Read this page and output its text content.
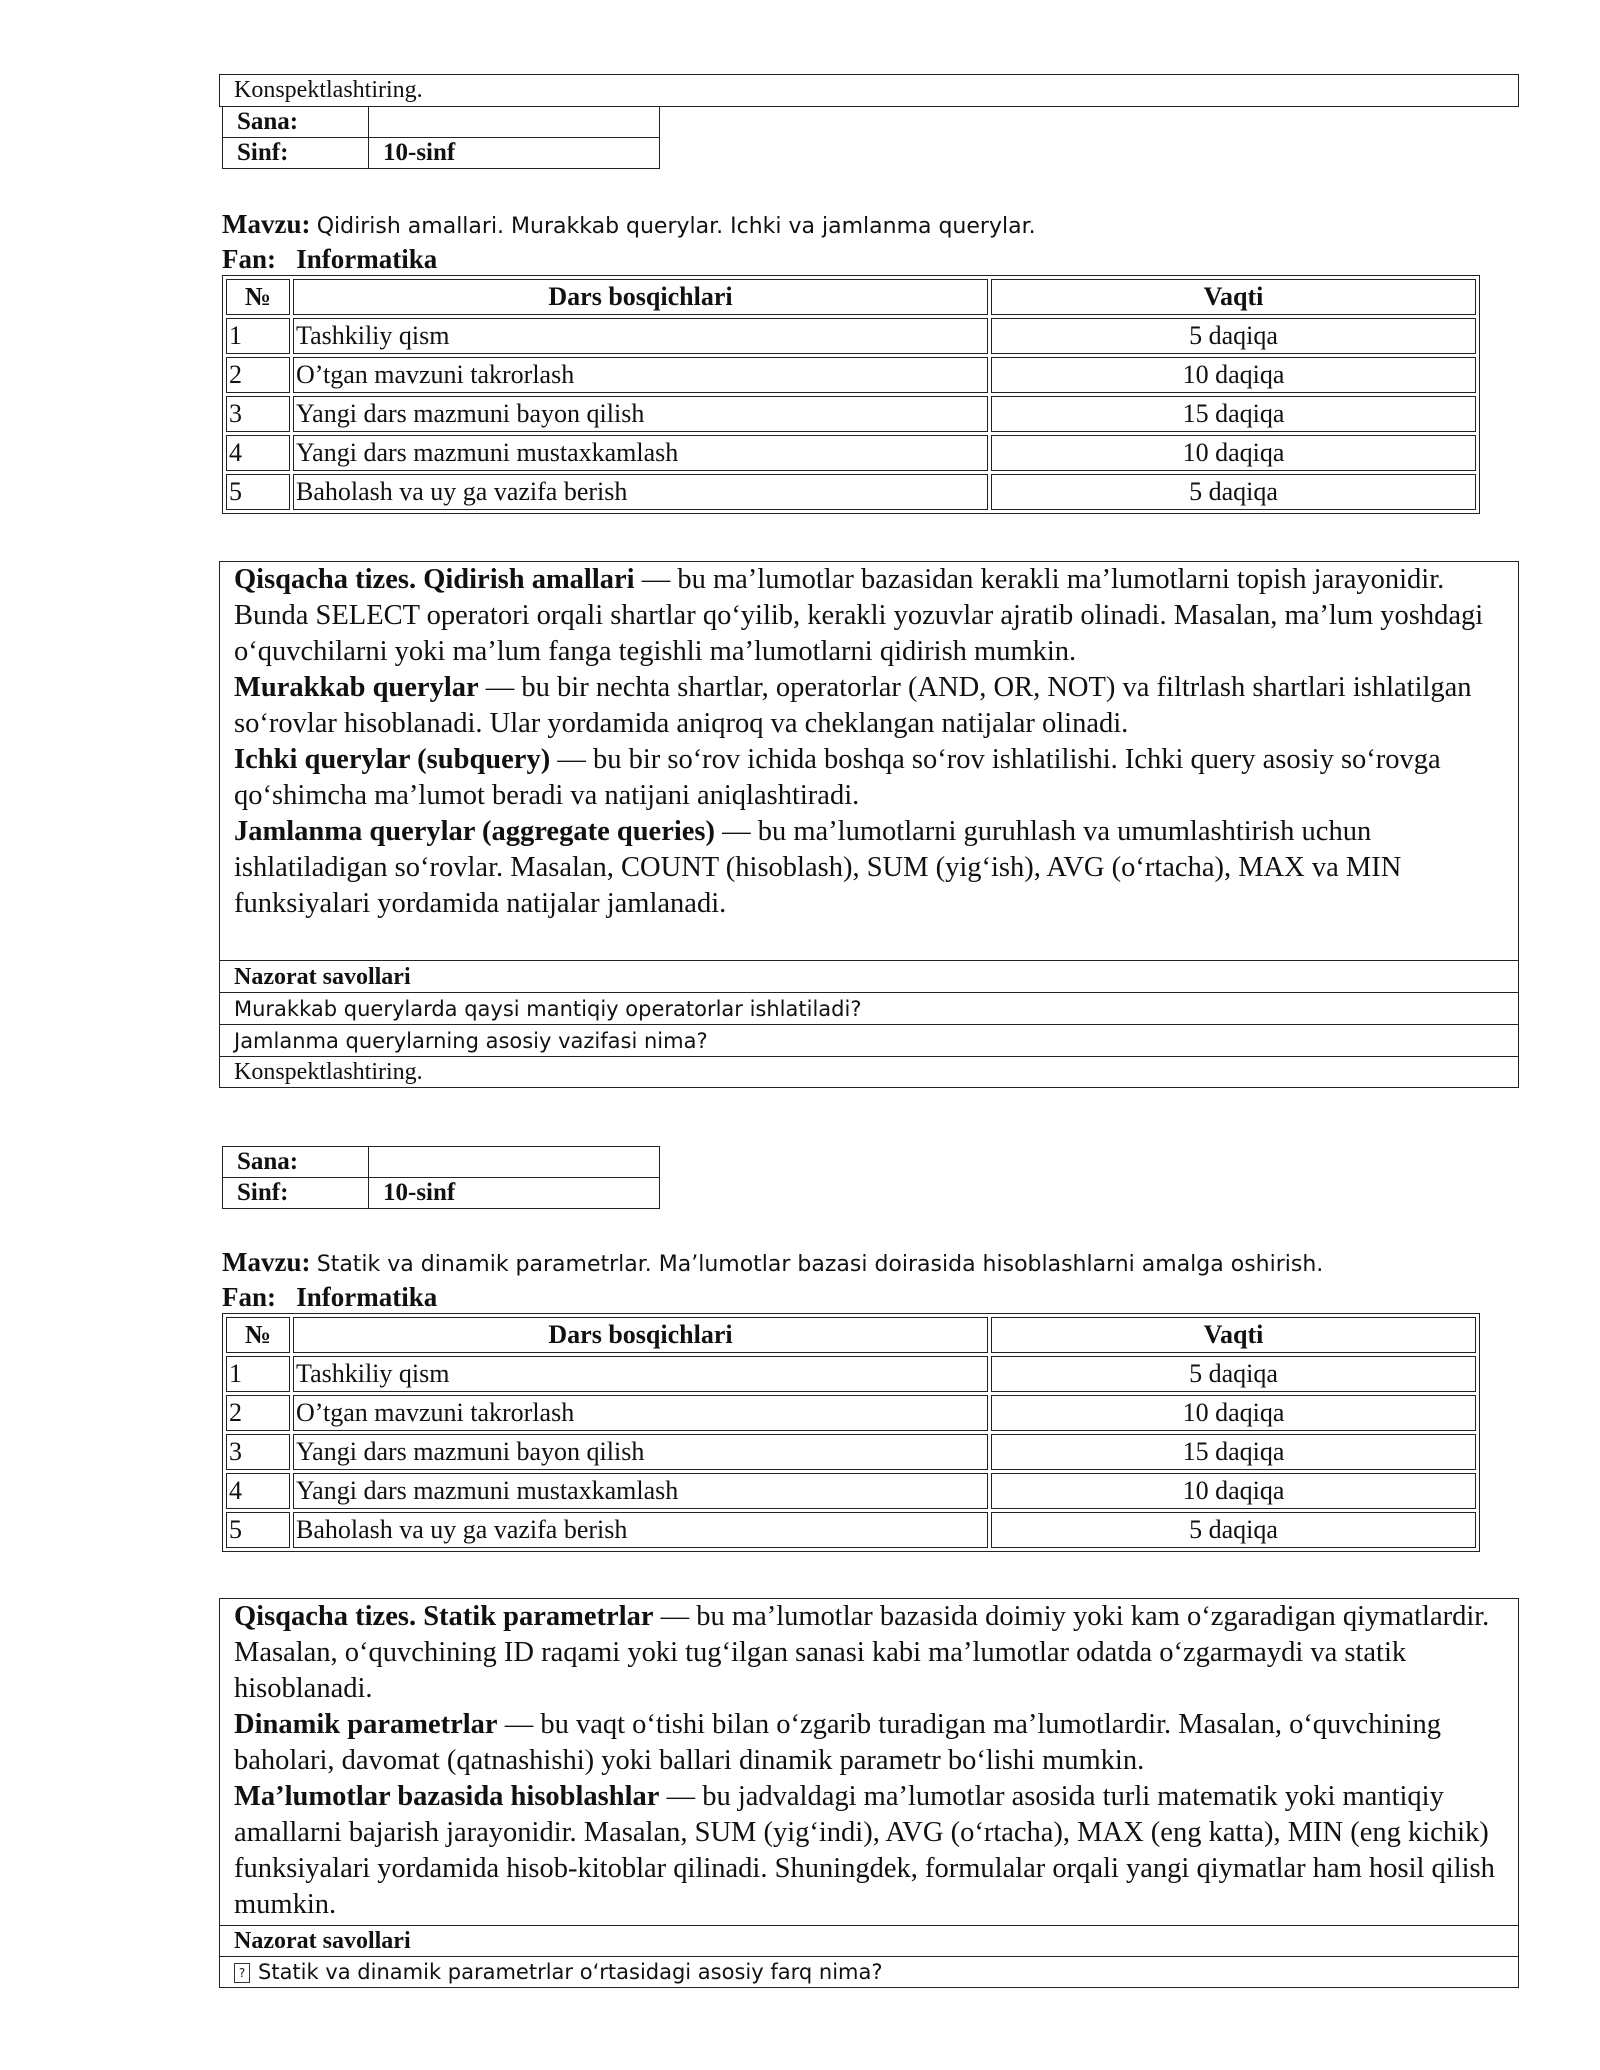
Konspektlashtiring.
Sana:	
Sinf:	10-sinf
Mavzu: Qidirish amallari. Murakkab querylar. Ichki va jamlanma querylar.
Fan: Informatika
№	Dars bosqichlari	Vaqti
1	Tashkiliy qism	5 daqiqa
2	O’tgan mavzuni takrorlash	10 daqiqa
3	Yangi dars mazmuni bayon qilish	15 daqiqa
4	Yangi dars mazmuni mustaxkamlash	10 daqiqa
5	Baholash va uy ga vazifa berish	5 daqiqa

Qisqacha tizes. Qidirish amallari — bu ma’lumotlar bazasidan kerakli ma’lumotlarni topish jarayonidir. Bunda SELECT operatori orqali shartlar qo‘yilib, kerakli yozuvlar ajratib olinadi. Masalan, ma’lum yoshdagi o‘quvchilarni yoki ma’lum fanga tegishli ma’lumotlarni qidirish mumkin.

Murakkab querylar — bu bir nechta shartlar, operatorlar (AND, OR, NOT) va filtrlash shartlari ishlatilgan so‘rovlar hisoblanadi. Ular yordamida aniqroq va cheklangan natijalar olinadi.

Ichki querylar (subquery) — bu bir so‘rov ichida boshqa so‘rov ishlatilishi. Ichki query asosiy so‘rovga qo‘shimcha ma’lumot beradi va natijani aniqlashtiradi.

Jamlanma querylar (aggregate queries) — bu ma’lumotlarni guruhlash va umumlashtirish uchun ishlatiladigan so‘rovlar. Masalan, COUNT (hisoblash), SUM (yig‘ish), AVG (o‘rtacha), MAX va MIN funksiyalari yordamida natijalar jamlanadi.

Nazorat savollari
Murakkab querylarda qaysi mantiqiy operatorlar ishlatiladi?
Jamlanma querylarning asosiy vazifasi nima?
Konspektlashtiring.
Sana:	
Sinf:	10-sinf
Mavzu: Statik va dinamik parametrlar. Ma’lumotlar bazasi doirasida hisoblashlarni amalga oshirish.
Fan: Informatika
№	Dars bosqichlari	Vaqti
1	Tashkiliy qism	5 daqiqa
2	O’tgan mavzuni takrorlash	10 daqiqa
3	Yangi dars mazmuni bayon qilish	15 daqiqa
4	Yangi dars mazmuni mustaxkamlash	10 daqiqa
5	Baholash va uy ga vazifa berish	5 daqiqa

Qisqacha tizes. Statik parametrlar — bu ma’lumotlar bazasida doimiy yoki kam o‘zgaradigan qiymatlardir. Masalan, o‘quvchining ID raqami yoki tug‘ilgan sanasi kabi ma’lumotlar odatda o‘zgarmaydi va statik hisoblanadi.

Dinamik parametrlar — bu vaqt o‘tishi bilan o‘zgarib turadigan ma’lumotlardir. Masalan, o‘quvchining baholari, davomat (qatnashishi) yoki ballari dinamik parametr bo‘lishi mumkin.

Ma’lumotlar bazasida hisoblashlar — bu jadvaldagi ma’lumotlar asosida turli matematik yoki mantiqiy amallarni bajarish jarayonidir. Masalan, SUM (yig‘indi), AVG (o‘rtacha), MAX (eng katta), MIN (eng kichik) funksiyalari yordamida hisob-kitoblar qilinadi. Shuningdek, formulalar orqali yangi qiymatlar ham hosil qilish mumkin.

Nazorat savollari
? Statik va dinamik parametrlar o‘rtasidagi asosiy farq nima?
